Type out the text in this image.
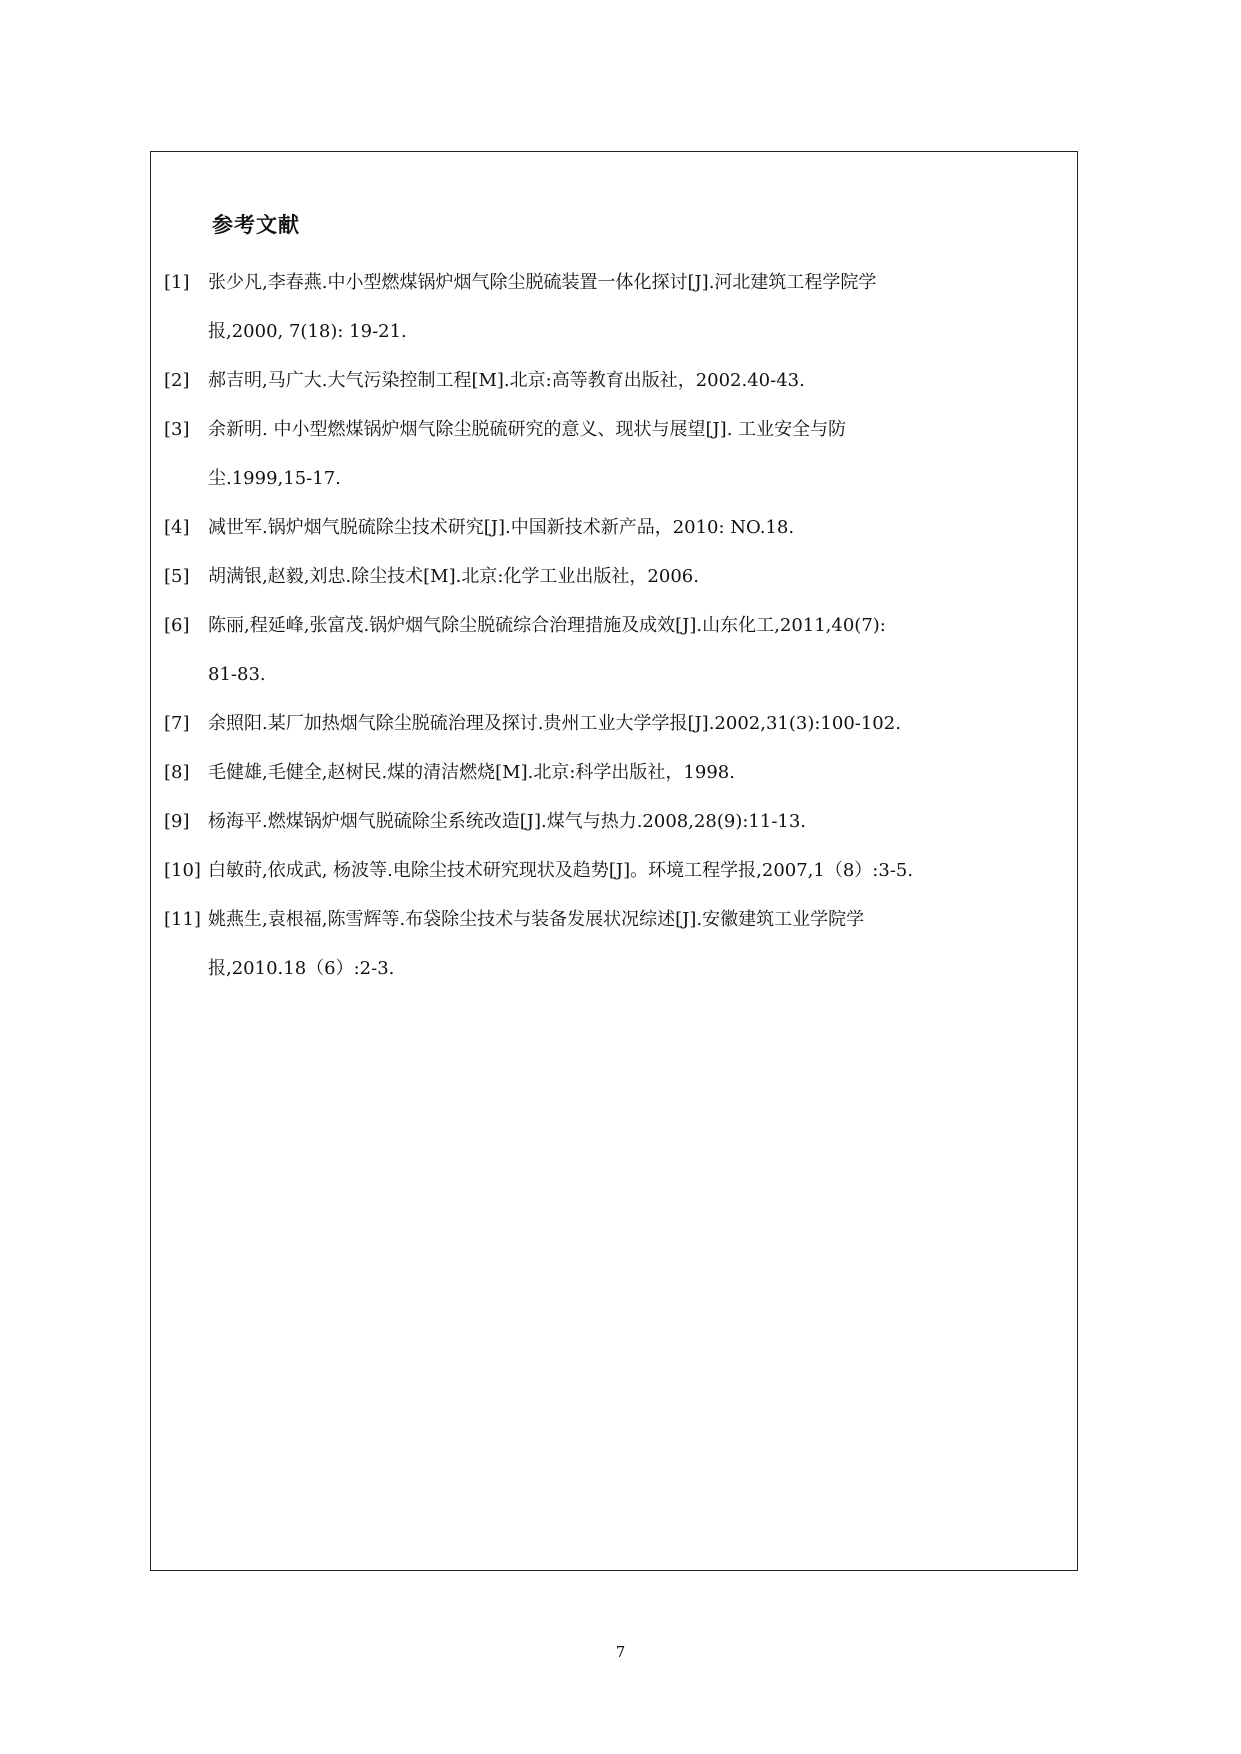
参考文献
[1]	张少凡,李春燕.中小型燃煤锅炉烟气除尘脱硫装置一体化探讨[J].河北建筑工程学院学
报,2000, 7(18): 19-21.
[2]	郝吉明,马广大.大气污染控制工程[M].北京:高等教育出版社，2002.40-43.
[3]	余新明. 中小型燃煤锅炉烟气除尘脱硫研究的意义、现状与展望[J]. 工业安全与防
尘.1999,15-17.
[4]	减世军.锅炉烟气脱硫除尘技术研究[J].中国新技术新产品，2010: NO.18.
[5]	胡满银,赵毅,刘忠.除尘技术[M].北京:化学工业出版社，2006.
[6]	陈丽,程延峰,张富茂.锅炉烟气除尘脱硫综合治理措施及成效[J].山东化工,2011,40(7):
81-83.
[7]	余照阳.某厂加热烟气除尘脱硫治理及探讨.贵州工业大学学报[J].2002,31(3):100-102.
[8]	毛健雄,毛健全,赵树民.煤的清洁燃烧[M].北京:科学出版社，1998.
[9]	杨海平.燃煤锅炉烟气脱硫除尘系统改造[J].煤气与热力.2008,28(9):11-13.
[10] 白敏莳,依成武, 杨波等.电除尘技术研究现状及趋势[J]。环境工程学报,2007,1（8）:3-5.
[11] 姚燕生,袁根福,陈雪辉等.布袋除尘技术与装备发展状况综述[J].安徽建筑工业学院学
报,2010.18（6）:2-3.

7
